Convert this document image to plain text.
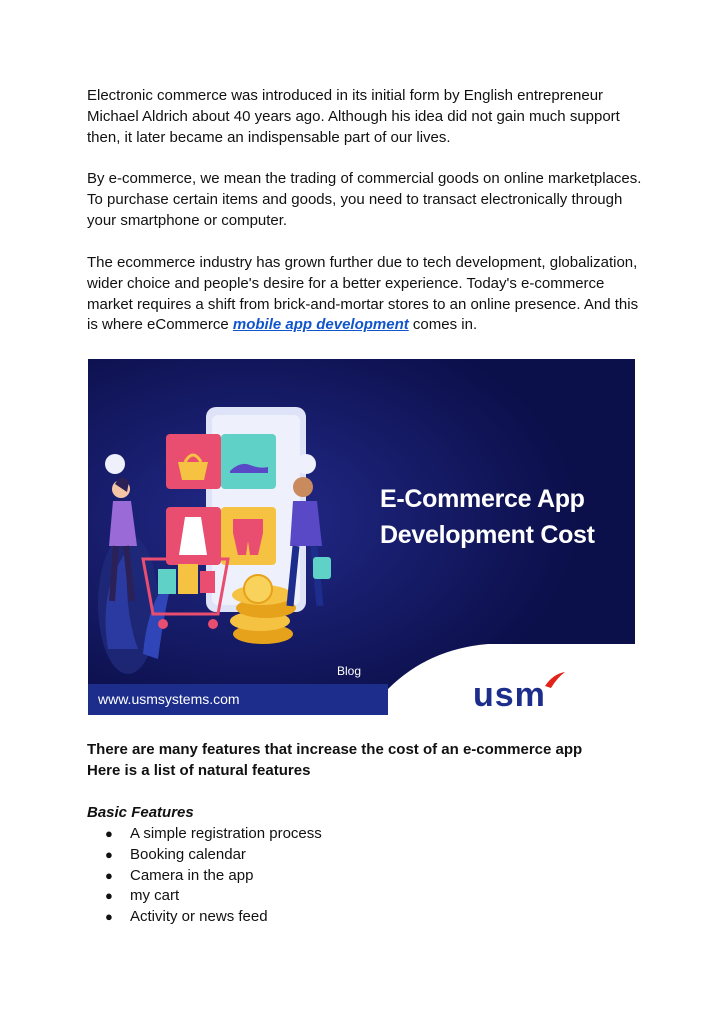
Electronic commerce was introduced in its initial form by English entrepreneur Michael Aldrich about 40 years ago. Although his idea did not gain much support then, it later became an indispensable part of our lives.

By e-commerce, we mean the trading of commercial goods on online marketplaces. To purchase certain items and goods, you need to transact electronically through your smartphone or computer.

The ecommerce industry has grown further due to tech development, globalization, wider choice and people's desire for a better experience. Today's e-commerce market requires a shift from brick-and-mortar stores to an online presence. And this is where eCommerce mobile app development comes in.

E-Commerce App
Development Cost
Blog
www.usmsystems.com	usm

There are many features that increase the cost of an e-commerce app

Here is a list of natural features

Basic Features
● A simple registration process
● Booking calendar
● Camera in the app
● my cart
● Activity or news feed
